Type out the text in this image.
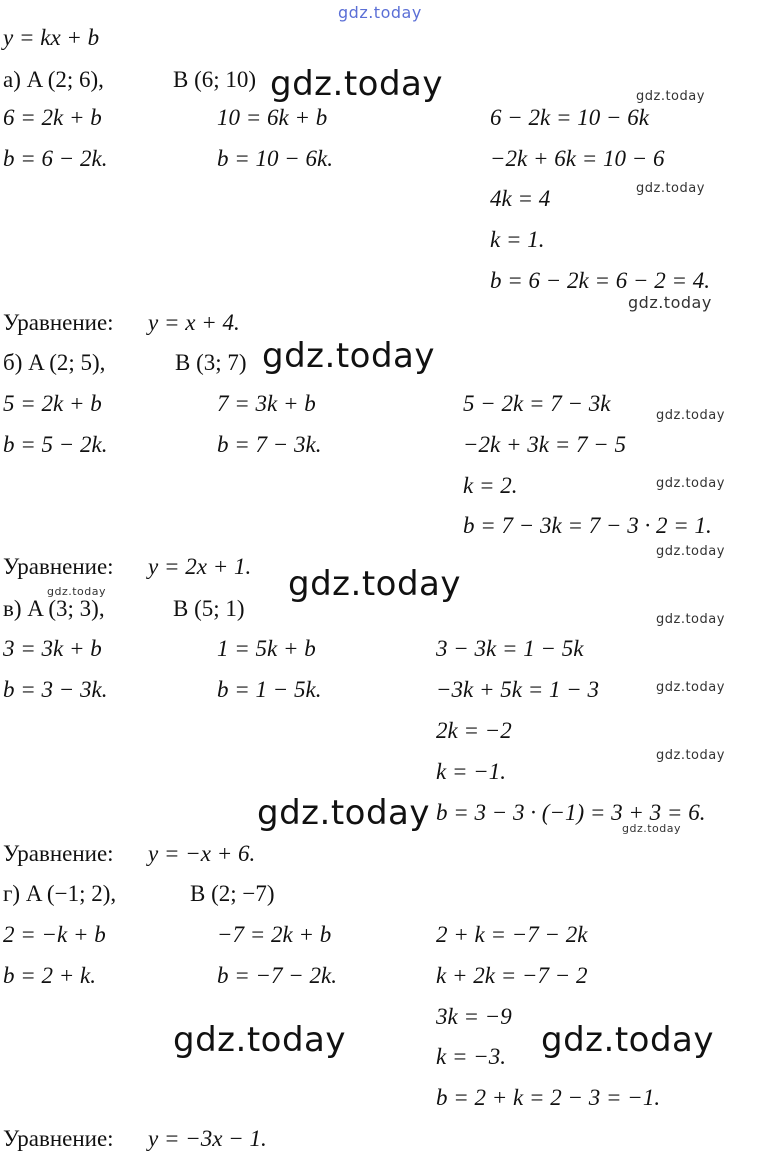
gdz.today
y = kx + b
а) A (2; 6),	B (6; 10) gdz.today	gdz.today
6 = 2k + b
b = 6 − 2k.
10 = 6k + b
b = 10 − 6k.
6 − 2k = 10 − 6k
−2k + 6k = 10 − 6
4k = 4	gdz.today
k = 1.
b = 6 − 2k = 6 − 2 = 4.
gdz.today
Уравнение: y = x + 4.
б) A (2; 5),	B (3; 7) gdz.today
5 = 2k + b
b = 5 − 2k.
7 = 3k + b
b = 7 − 3k.
5 − 2k = 7 − 3k	gdz.today
−2k + 3k = 7 − 5
k = 2.	gdz.today
b = 7 − 3k = 7 − 3 · 2 = 1.
gdz.today
Уравнение: y = 2x + 1. gdz.today
gdz.today
в) A (3; 3),	B (5; 1)	gdz.today
3 = 3k + b
b = 3 − 3k.
1 = 5k + b
b = 1 − 5k.
3 − 3k = 1 − 5k
−3k + 5k = 1 − 3	gdz.today
2k = −2
gdz.today
k = −1.
gdz.today b = 3 − 3 · (−1) = 3 + 3 = 6.
gdz.today
Уравнение: y = −x + 6.
г) A (−1; 2),	B (2; −7)
2 = −k + b
b = 2 + k.
−7 = 2k + b
b = −7 − 2k.
2 + k = −7 − 2k
k + 2k = −7 − 2
3k = −9
gdz.today	gdz.today
k = −3.
b = 2 + k = 2 − 3 = −1.
Уравнение: y = −3x − 1.
